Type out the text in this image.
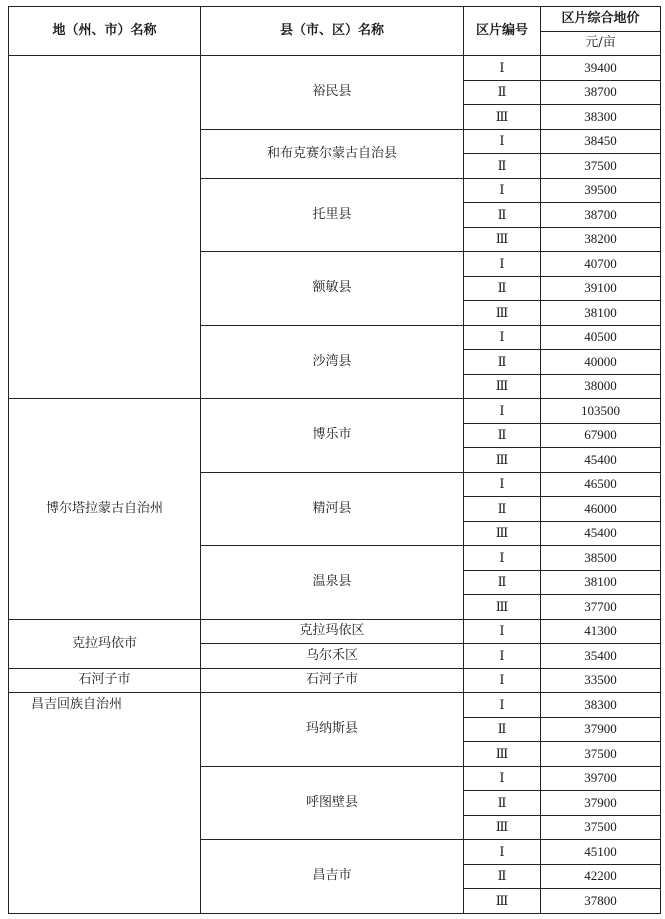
地（州、市）名称	县（市、区）名称	区片编号	区片综合地价
			元/亩
	裕民县	Ⅰ	39400
		Ⅱ	38700
		Ⅲ	38300
	和布克赛尔蒙古自治县	Ⅰ	38450
		Ⅱ	37500
	托里县	Ⅰ	39500
		Ⅱ	38700
		Ⅲ	38200
	额敏县	Ⅰ	40700
		Ⅱ	39100
		Ⅲ	38100
	沙湾县	Ⅰ	40500
		Ⅱ	40000
		Ⅲ	38000
博尔塔拉蒙古自治州	博乐市	Ⅰ	103500
		Ⅱ	67900
		Ⅲ	45400
	精河县	Ⅰ	46500
		Ⅱ	46000
		Ⅲ	45400
	温泉县	Ⅰ	38500
		Ⅱ	38100
		Ⅲ	37700
克拉玛依市	克拉玛依区	Ⅰ	41300
	乌尔禾区	Ⅰ	35400
石河子市	石河子市	Ⅰ	33500
昌吉回族自治州	玛纳斯县	Ⅰ	38300
		Ⅱ	37900
		Ⅲ	37500
	呼图壁县	Ⅰ	39700
		Ⅱ	37900
		Ⅲ	37500
	昌吉市	Ⅰ	45100
		Ⅱ	42200
		Ⅲ	37800
